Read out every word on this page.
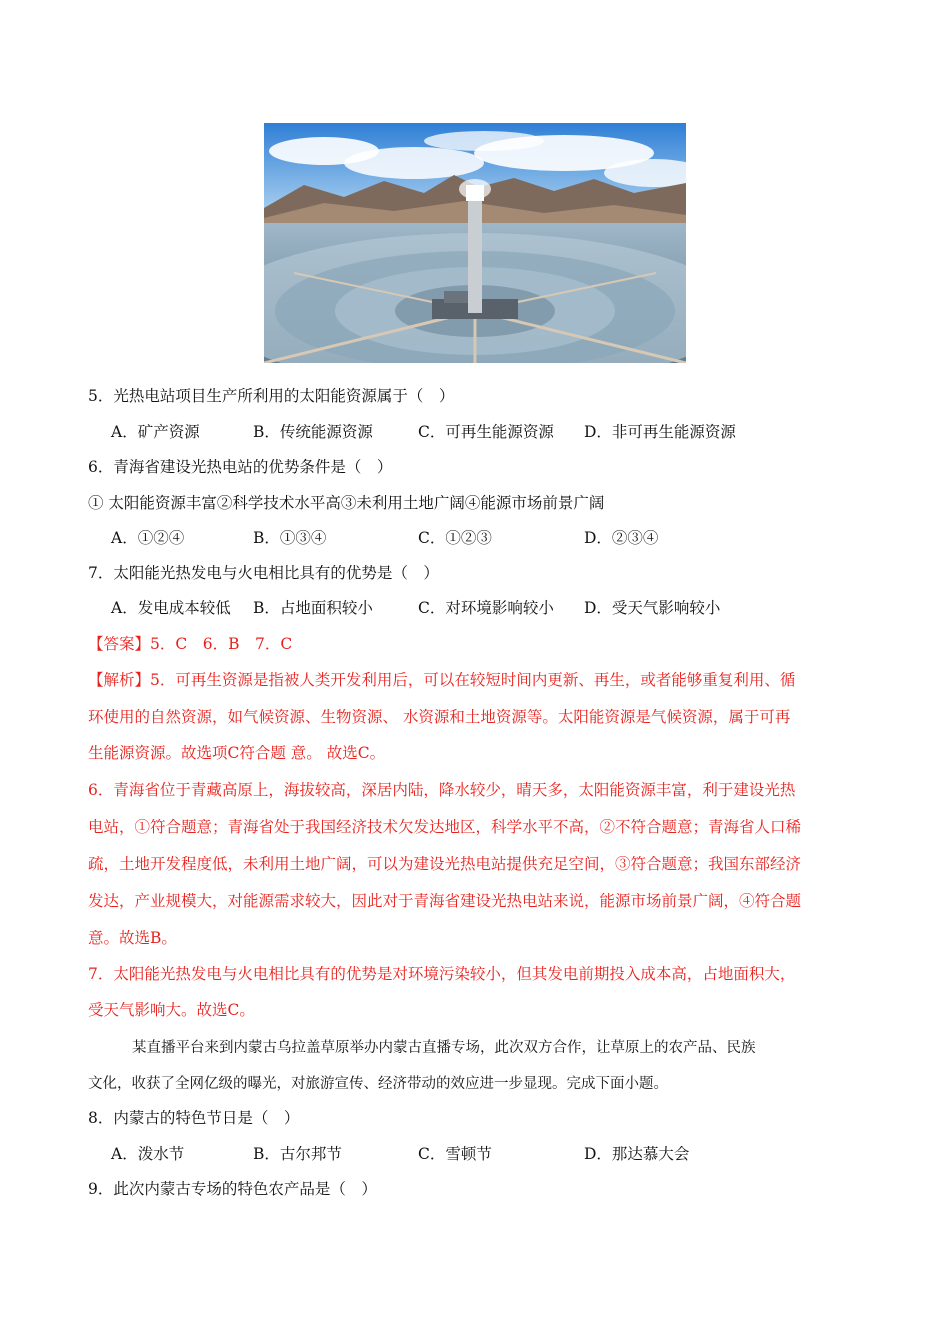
5．光热电站项目生产所利用的太阳能资源属于（　）
A．矿产资源	B．传统能源资源	C．可再生能源资源 D．非可再生能源资源
6．青海省建设光热电站的优势条件是（　）
① 太阳能资源丰富②科学技术水平高③未利用土地广阔④能源市场前景广阔
A．①②④	B．①③④	C．①②③	D．②③④
7．太阳能光热发电与火电相比具有的优势是（　）
A．发电成本较低 B．占地面积较小	C．对环境影响较小 D．受天气影响较小
【答案】5．C　6．B　7．C
【解析】5．可再生资源是指被人类开发利用后，可以在较短时间内更新、再生，或者能够重复利用、循
环使用的自然资源，如气候资源、生物资源、 水资源和土地资源等。太阳能资源是气候资源，属于可再
生能源资源。故选项C符合题 意。 故选C。
6．青海省位于青藏高原上，海拔较高，深居内陆，降水较少，晴天多，太阳能资源丰富，利于建设光热
电站，①符合题意；青海省处于我国经济技术欠发达地区，科学水平不高，②不符合题意；青海省人口稀
疏，土地开发程度低，未利用土地广阔，可以为建设光热电站提供充足空间，③符合题意；我国东部经济
发达，产业规模大，对能源需求较大，因此对于青海省建设光热电站来说，能源市场前景广阔，④符合题
意。故选B。
7．太阳能光热发电与火电相比具有的优势是对环境污染较小，但其发电前期投入成本高，占地面积大，
受天气影响大。故选C。
某直播平台来到内蒙古乌拉盖草原举办内蒙古直播专场，此次双方合作，让草原上的农产品、民族
文化，收获了全网亿级的曝光，对旅游宣传、经济带动的效应进一步显现。完成下面小题。
8．内蒙古的特色节日是（　）
A．泼水节	B．古尔邦节	C．雪顿节	D．那达慕大会
9．此次内蒙古专场的特色农产品是（　）
